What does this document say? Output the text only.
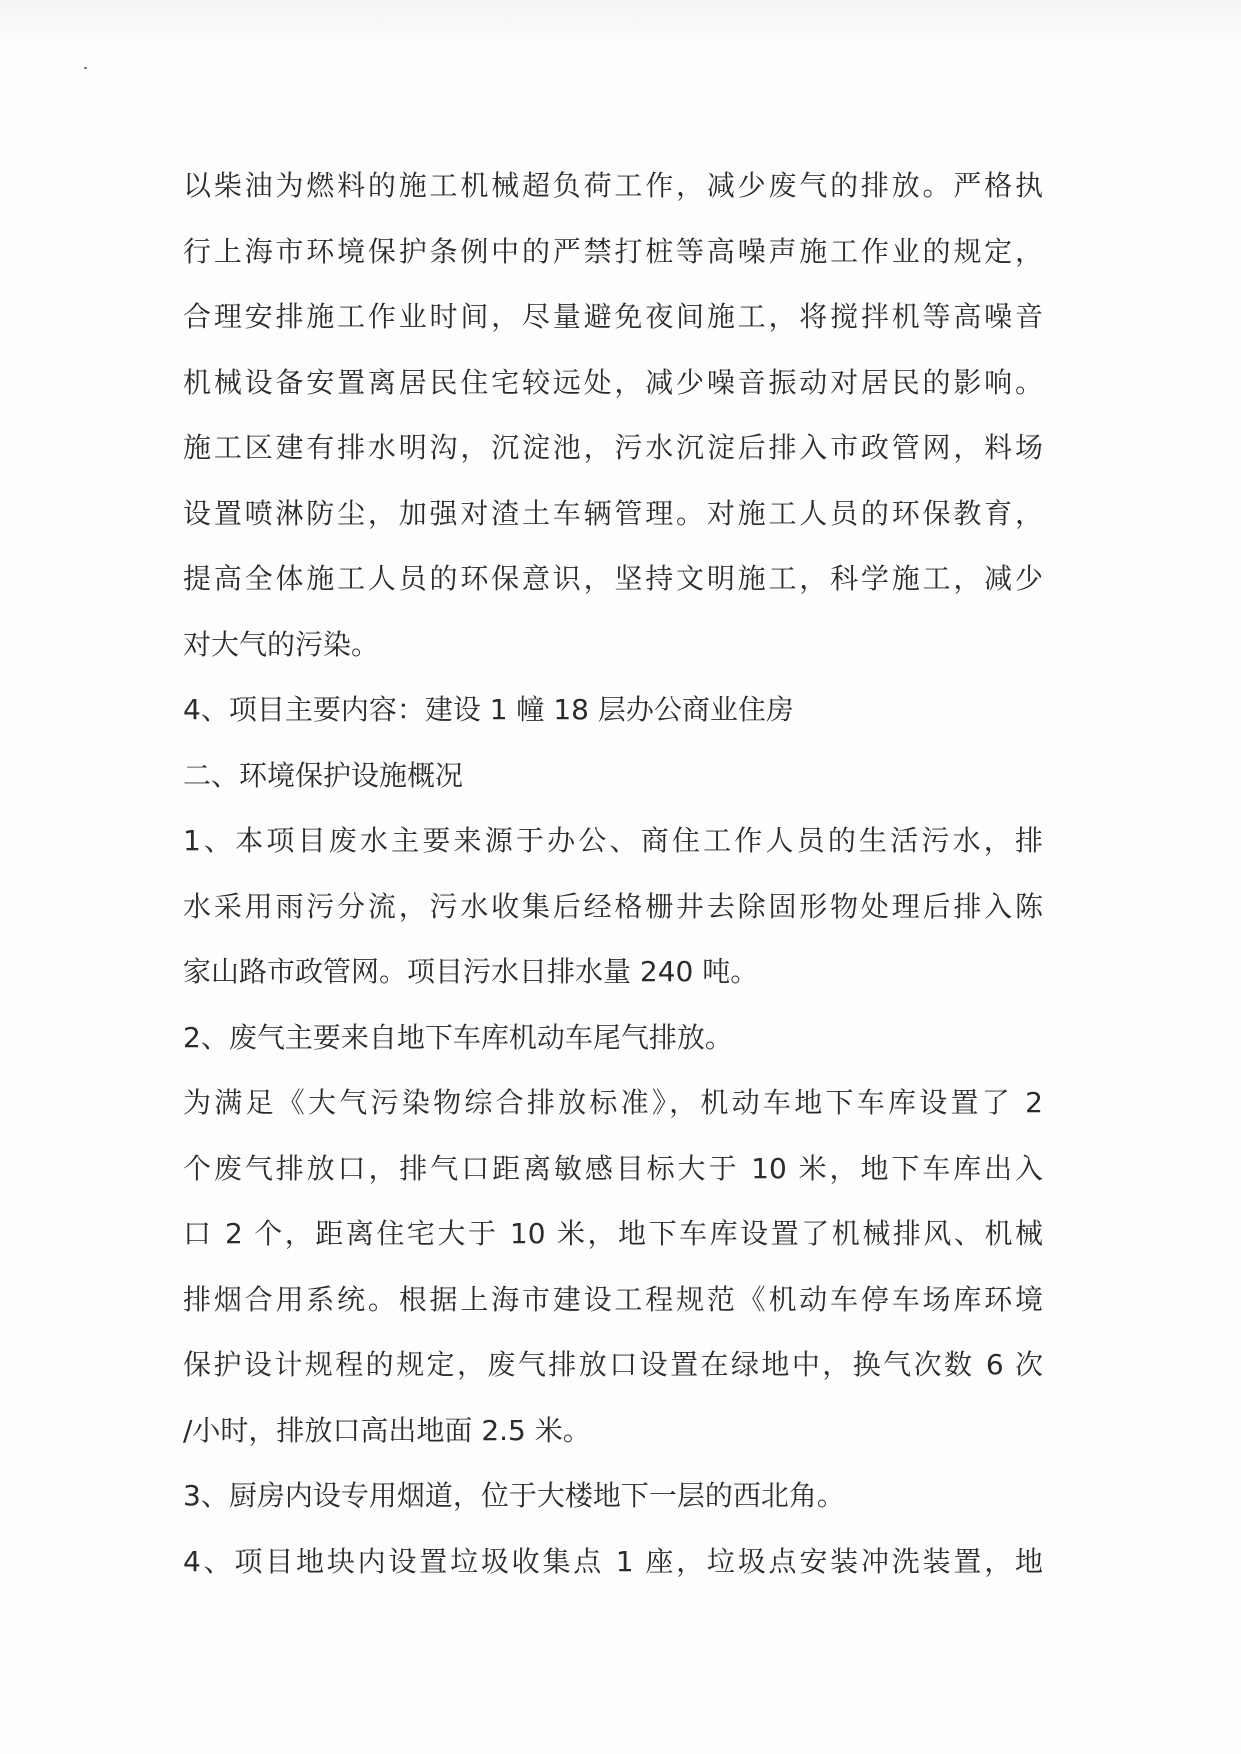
以柴油为燃料的施工机械超负荷工作，减少废气的排放。严格执
行上海市环境保护条例中的严禁打桩等高噪声施工作业的规定，
合理安排施工作业时间，尽量避免夜间施工，将搅拌机等高噪音
机械设备安置离居民住宅较远处，减少噪音振动对居民的影响。
施工区建有排水明沟，沉淀池，污水沉淀后排入市政管网，料场
设置喷淋防尘，加强对渣土车辆管理。对施工人员的环保教育，
提高全体施工人员的环保意识，坚持文明施工，科学施工，减少
对大气的污染。
4、项目主要内容：建设 1 幢 18 层办公商业住房
二、环境保护设施概况
1、本项目废水主要来源于办公、商住工作人员的生活污水，排
水采用雨污分流，污水收集后经格栅井去除固形物处理后排入陈
家山路市政管网。项目污水日排水量 240 吨。
2、废气主要来自地下车库机动车尾气排放。
为满足《大气污染物综合排放标准》，机动车地下车库设置了 2
个废气排放口，排气口距离敏感目标大于 10 米，地下车库出入
口 2 个，距离住宅大于 10 米，地下车库设置了机械排风、机械
排烟合用系统。根据上海市建设工程规范《机动车停车场库环境
保护设计规程的规定，废气排放口设置在绿地中，换气次数 6 次
/小时，排放口高出地面 2.5 米。
3、厨房内设专用烟道，位于大楼地下一层的西北角。
4、项目地块内设置垃圾收集点 1 座，垃圾点安装冲洗装置，地
